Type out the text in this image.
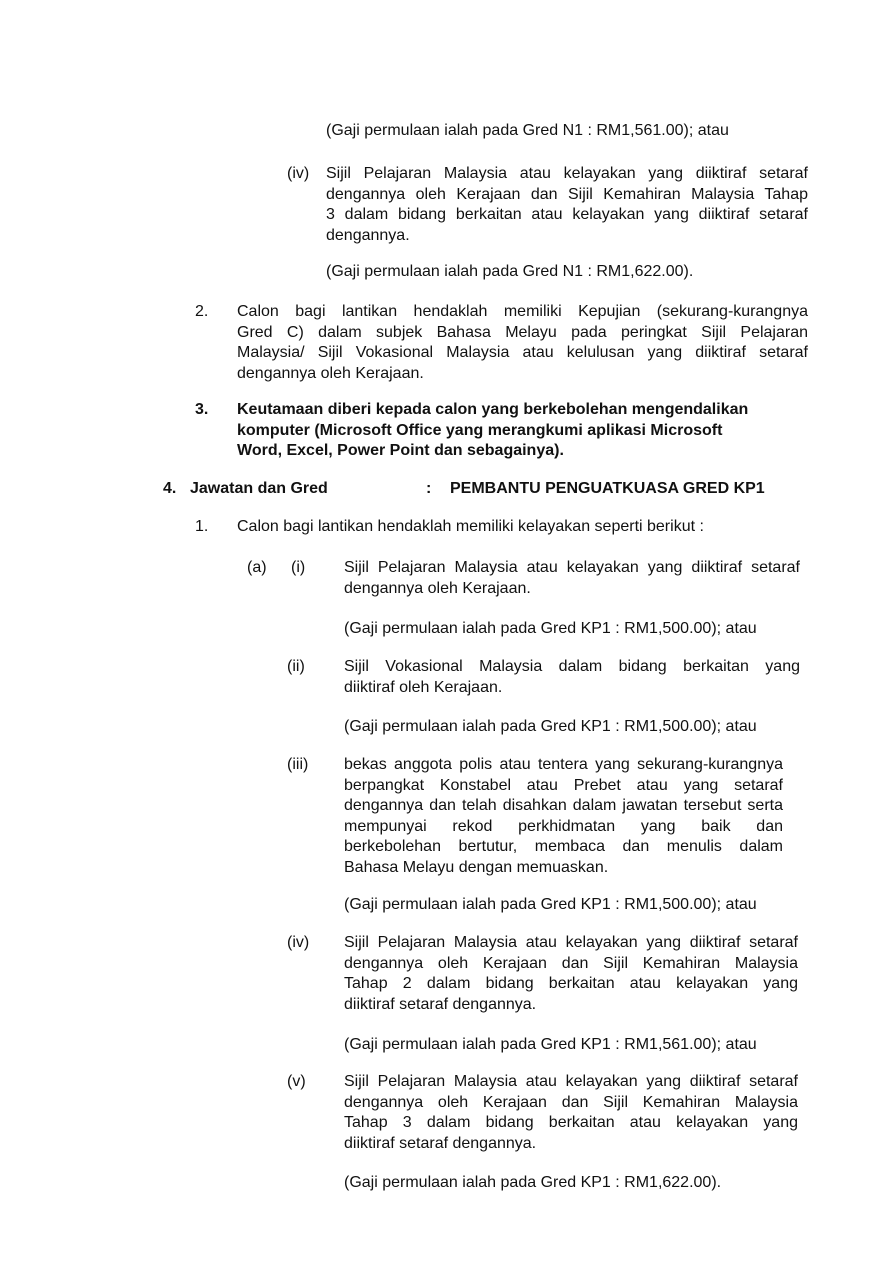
(Gaji permulaan ialah pada Gred N1 : RM1,561.00); atau
(iv) Sijil Pelajaran Malaysia atau kelayakan yang diiktiraf setaraf
dengannya oleh Kerajaan dan Sijil Kemahiran Malaysia Tahap
3 dalam bidang berkaitan atau kelayakan yang diiktiraf setaraf
dengannya.
(Gaji permulaan ialah pada Gred N1 : RM1,622.00).
2. Calon bagi lantikan hendaklah memiliki Kepujian (sekurang-kurangnya
Gred C) dalam subjek Bahasa Melayu pada peringkat Sijil Pelajaran
Malaysia/ Sijil Vokasional Malaysia atau kelulusan yang diiktiraf setaraf
dengannya oleh Kerajaan.
3. Keutamaan diberi kepada calon yang berkebolehan mengendalikan
komputer (Microsoft Office yang merangkumi aplikasi Microsoft
Word, Excel, Power Point dan sebagainya).
4. Jawatan dan Gred	: PEMBANTU PENGUATKUASA GRED KP1
1. Calon bagi lantikan hendaklah memiliki kelayakan seperti berikut :
(a) (i) Sijil Pelajaran Malaysia atau kelayakan yang diiktiraf setaraf
dengannya oleh Kerajaan.
(Gaji permulaan ialah pada Gred KP1 : RM1,500.00); atau
(ii) Sijil Vokasional Malaysia dalam bidang berkaitan yang
diiktiraf oleh Kerajaan.
(Gaji permulaan ialah pada Gred KP1 : RM1,500.00); atau
(iii) bekas anggota polis atau tentera yang sekurang-kurangnya
berpangkat Konstabel atau Prebet atau yang setaraf
dengannya dan telah disahkan dalam jawatan tersebut serta
mempunyai rekod perkhidmatan yang baik dan
berkebolehan bertutur, membaca dan menulis dalam
Bahasa Melayu dengan memuaskan.
(Gaji permulaan ialah pada Gred KP1 : RM1,500.00); atau
(iv) Sijil Pelajaran Malaysia atau kelayakan yang diiktiraf setaraf
dengannya oleh Kerajaan dan Sijil Kemahiran Malaysia
Tahap 2 dalam bidang berkaitan atau kelayakan yang
diiktiraf setaraf dengannya.
(Gaji permulaan ialah pada Gred KP1 : RM1,561.00); atau
(v) Sijil Pelajaran Malaysia atau kelayakan yang diiktiraf setaraf
dengannya oleh Kerajaan dan Sijil Kemahiran Malaysia
Tahap 3 dalam bidang berkaitan atau kelayakan yang
diiktiraf setaraf dengannya.
(Gaji permulaan ialah pada Gred KP1 : RM1,622.00).
